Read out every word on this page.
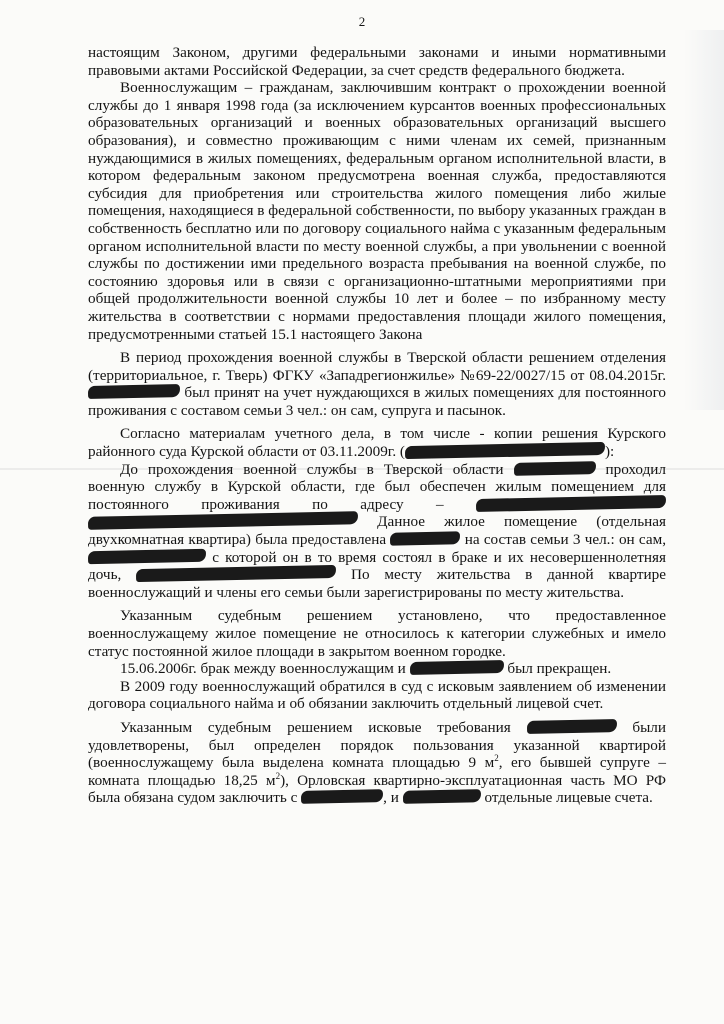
2

настоящим Законом, другими федеральными законами и иными нормативными правовыми актами Российской Федерации, за счет средств федерального бюджета.

Военнослужащим – гражданам, заключившим контракт о прохождении военной службы до 1 января 1998 года (за исключением курсантов военных профессиональных образовательных организаций и военных образовательных организаций высшего образования), и совместно проживающим с ними членам их семей, признанным нуждающимися в жилых помещениях, федеральным органом исполнительной власти, в котором федеральным законом предусмотрена военная служба, предоставляются субсидия для приобретения или строительства жилого помещения либо жилые помещения, находящиеся в федеральной собственности, по выбору указанных граждан в собственность бесплатно или по договору социального найма с указанным федеральным органом исполнительной власти по месту военной службы, а при увольнении с военной службы по достижении ими предельного возраста пребывания на военной службе, по состоянию здоровья или в связи с организационно-штатными мероприятиями при общей продолжительности военной службы 10 лет и более – по избранному месту жительства в соответствии с нормами предоставления площади жилого помещения, предусмотренными статьей 15.1 настоящего Закона

В период прохождения военной службы в Тверской области решением отделения (территориальное, г. Тверь) ФГКУ «Западрегионжилье» №69-22/0027/15 от 08.04.2015г.  был принят на учет нуждающихся в жилых помещениях для постоянного проживания с составом семьи 3 чел.: он сам, супруга и пасынок.

Согласно материалам учетного дела, в том числе - копии решения Курского районного суда Курской области от 03.11.2009г. (	):

До прохождения военной службы в Тверской области	проходил военную службу в Курской области, где был обеспечен жилым помещением для постоянного проживания по адресу –   Данное жилое помещение (отдельная двухкомнатная квартира) была предоставлена	на состав семьи 3 чел.: он сам,  с которой он в то время состоял в браке и их несовершеннолетняя дочь,	По месту жительства в данной квартире военнослужащий и члены его семьи были зарегистрированы по месту жительства.

Указанным судебным решением установлено, что предоставленное военнослужащему жилое помещение не относилось к категории служебных и имело статус постоянной жилое площади в закрытом военном городке.

15.06.2006г. брак между военнослужащим и	был прекращен.

В 2009 году военнослужащий обратился в суд с исковым заявлением об изменении договора социального найма и об обязании заключить отдельный лицевой счет.

Указанным судебным решением исковые требования	были удовлетворены, был определен порядок пользования указанной квартирой (военнослужащему была выделена комната площадью 9 $м^2$, его бывшей супруге – комната площадью 18,25 $м^2$), Орловская квартирно-эксплуатационная часть МО РФ была обязана судом заключить с	, и	отдельные лицевые счета.
